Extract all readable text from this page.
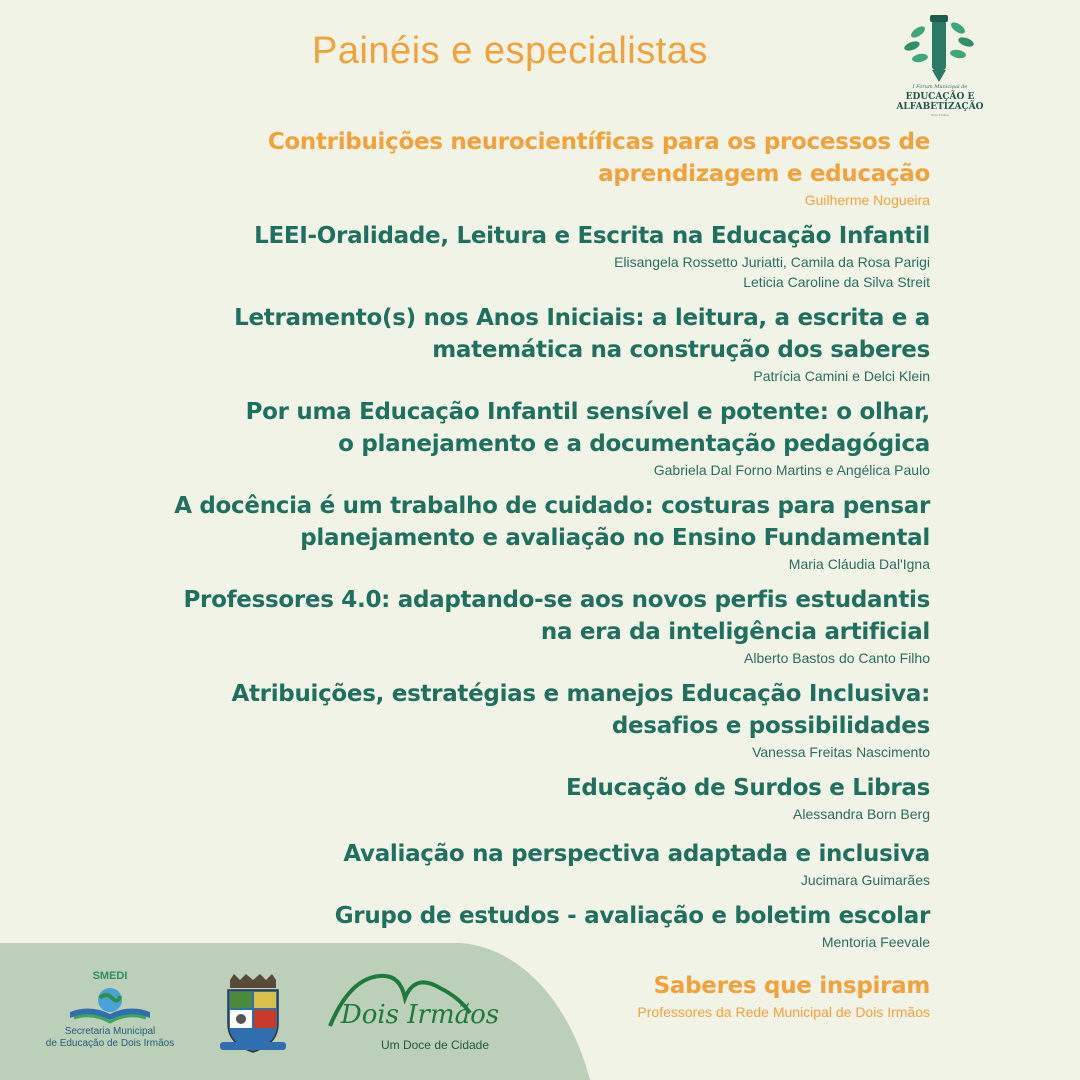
Painéis e especialistas
I Fórum Municipal de
EDUCAÇÃO E
ALFABETIZAÇÃO
Dois Irmãos
Contribuições neurocientíficas para os processos de
aprendizagem e educação
Guilherme Nogueira
LEEI-Oralidade, Leitura e Escrita na Educação Infantil
Elisangela Rossetto Juriatti, Camila da Rosa Parigi
Leticia Caroline da Silva Streit
Letramento(s) nos Anos Iniciais: a leitura, a escrita e a
matemática na construção dos saberes
Patrícia Camini e Delci Klein
Por uma Educação Infantil sensível e potente: o olhar,
o planejamento e a documentação pedagógica
Gabriela Dal Forno Martins e Angélica Paulo
A docência é um trabalho de cuidado: costuras para pensar
planejamento e avaliação no Ensino Fundamental
Maria Cláudia Dal'Igna
Professores 4.0: adaptando-se aos novos perfis estudantis
na era da inteligência artificial
Alberto Bastos do Canto Filho
Atribuições, estratégias e manejos Educação Inclusiva:
desafios e possibilidades
Vanessa Freitas Nascimento
Educação de Surdos e Libras
Alessandra Born Berg
Avaliação na perspectiva adaptada e inclusiva
Jucimara Guimarães
Grupo de estudos - avaliação e boletim escolar
Mentoria Feevale
Saberes que inspiram
Professores da Rede Municipal de Dois Irmãos
SMEDI
Secretaria Municipal
de Educação de Dois Irmãos
Dois Irmãos
Um Doce de Cidade
